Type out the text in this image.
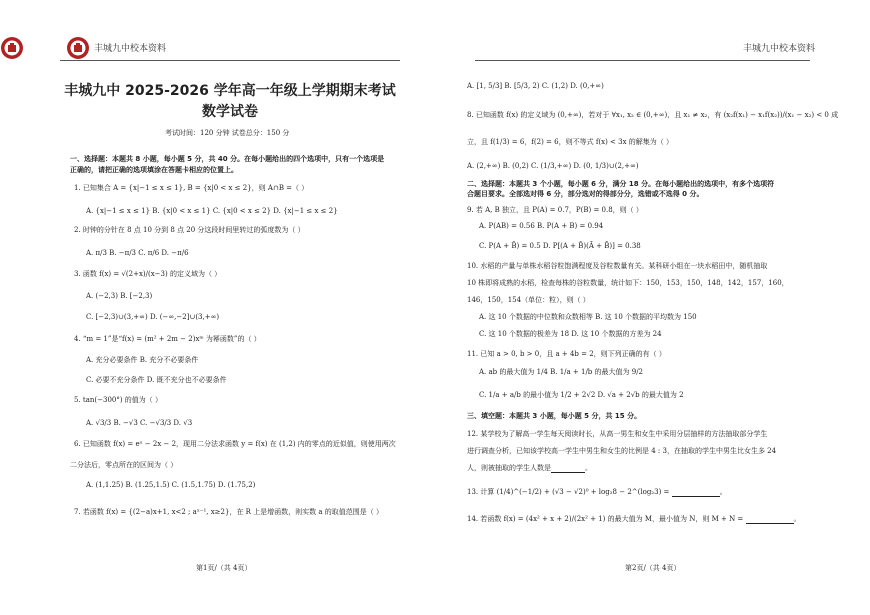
丰城九中校本资料
丰城九中 2025-2026 学年高一年级上学期期末考试
数学试卷
考试时间：120 分钟 试卷总分：150 分
一、选择题：本题共 8 小题，每小题 5 分，共 40 分。在每小题给出的四个选项中，只有一个选项是
正确的，请把正确的选项填涂在答题卡相应的位置上。
1. 已知集合 A = {x|−1 ≤ x ≤ 1}, B = {x|0 < x ≤ 2}，则 A∩B =（ ）
A. {x|−1 ≤ x ≤ 1} B. {x|0 < x ≤ 1} C. {x|0 < x ≤ 2} D. {x|−1 ≤ x ≤ 2}
2. 时钟的分针在 8 点 10 分到 8 点 20 分这段时间里转过的弧度数为（ ）
A. π/3 B. −π/3 C. π/6 D. −π/6
3. 函数 f(x) = √(2+x)/(x−3) 的定义域为（ ）
A. (−2,3) B. [−2,3)
C. [−2,3)∪(3,+∞) D. (−∞,−2]∪(3,+∞)
4. “m = 1”是“f(x) = (m² + 2m − 2)xᵐ 为幂函数”的（ ）
A. 充分必要条件 B. 充分不必要条件
C. 必要不充分条件 D. 既不充分也不必要条件
5. tan(−300°) 的值为（ ）
A. √3/3 B. −√3 C. −√3/3 D. √3
6. 已知函数 f(x) = eˣ − 2x − 2，现用二分法求函数 y = f(x) 在 (1,2) 内的零点的近似值，则使用两次
二分法后，零点所在的区间为（ ）
A. (1,1.25) B. (1.25,1.5) C. (1.5,1.75) D. (1.75,2)
7. 若函数 f(x) = {(2−a)x+1, x<2 ; aˣ⁻¹, x≥2}，在 R 上是增函数，则实数 a 的取值范围是（ ）
第1页/（共 4页）
丰城九中校本资料
A. [1, 5/3] B. [5/3, 2) C. (1,2) D. (0,+∞)
8. 已知函数 f(x) 的定义域为 (0,+∞)，若对于 ∀x₁, x₂ ∈ (0,+∞)，且 x₁ ≠ x₂，有 (x₂f(x₁) − x₁f(x₂))/(x₁ − x₂) < 0 成
立，且 f(1/3) = 6，f(2) = 6，则不等式 f(x) < 3x 的解集为（ ）
A. (2,+∞) B. (0,2) C. (1/3,+∞) D. (0, 1/3)∪(2,+∞)
二、选择题：本题共 3 个小题，每小题 6 分，满分 18 分。在每小题给出的选项中，有多个选项符
合题目要求。全部选对得 6 分，部分选对的得部分分，选错或不选得 0 分。
9. 若 A, B 独立，且 P(A) = 0.7，P(B) = 0.8，则（ ）
A. P(AB) = 0.56 B. P(A + B) = 0.94
C. P(A + B̄) = 0.5 D. P[(A + B̄)(Ā + B̄)] = 0.38
10. 水稻的产量与单株水稻谷粒饱满程度及谷粒数量有关。某科研小组在一块水稻田中，随机抽取
10 株即将成熟的水稻，检查每株的谷粒数量，统计如下：150，153，150，148，142，157，160，
146，150，154（单位：粒），则（ ）
A. 这 10 个数据的中位数和众数相等 B. 这 10 个数据的平均数为 150
C. 这 10 个数据的极差为 18 D. 这 10 个数据的方差为 24
11. 已知 a > 0, b > 0，且 a + 4b = 2，则下列正确的有（ ）
A. ab 的最大值为 1/4 B. 1/a + 1/b 的最大值为 9/2
C. 1/a + a/b 的最小值为 1/2 + 2√2 D. √a + 2√b 的最大值为 2
三、填空题：本题共 3 小题，每小题 5 分，共 15 分。
12. 某学校为了解高一学生每天阅读时长，从高一男生和女生中采用分层抽样的方法抽取部分学生
进行调查分析，已知该学校高一学生中男生和女生的比例是 4 : 3，在抽取的学生中男生比女生多 24
人，则被抽取的学生人数是	。
13. 计算 (1/4)^(−1/2) + (√3 − √2)⁰ + log₂8 − 2^(log₂3) =	。
14. 若函数 f(x) = (4x² + x + 2)/(2x² + 1) 的最大值为 M，最小值为 N，则 M + N =	。
第2页/（共 4页）
